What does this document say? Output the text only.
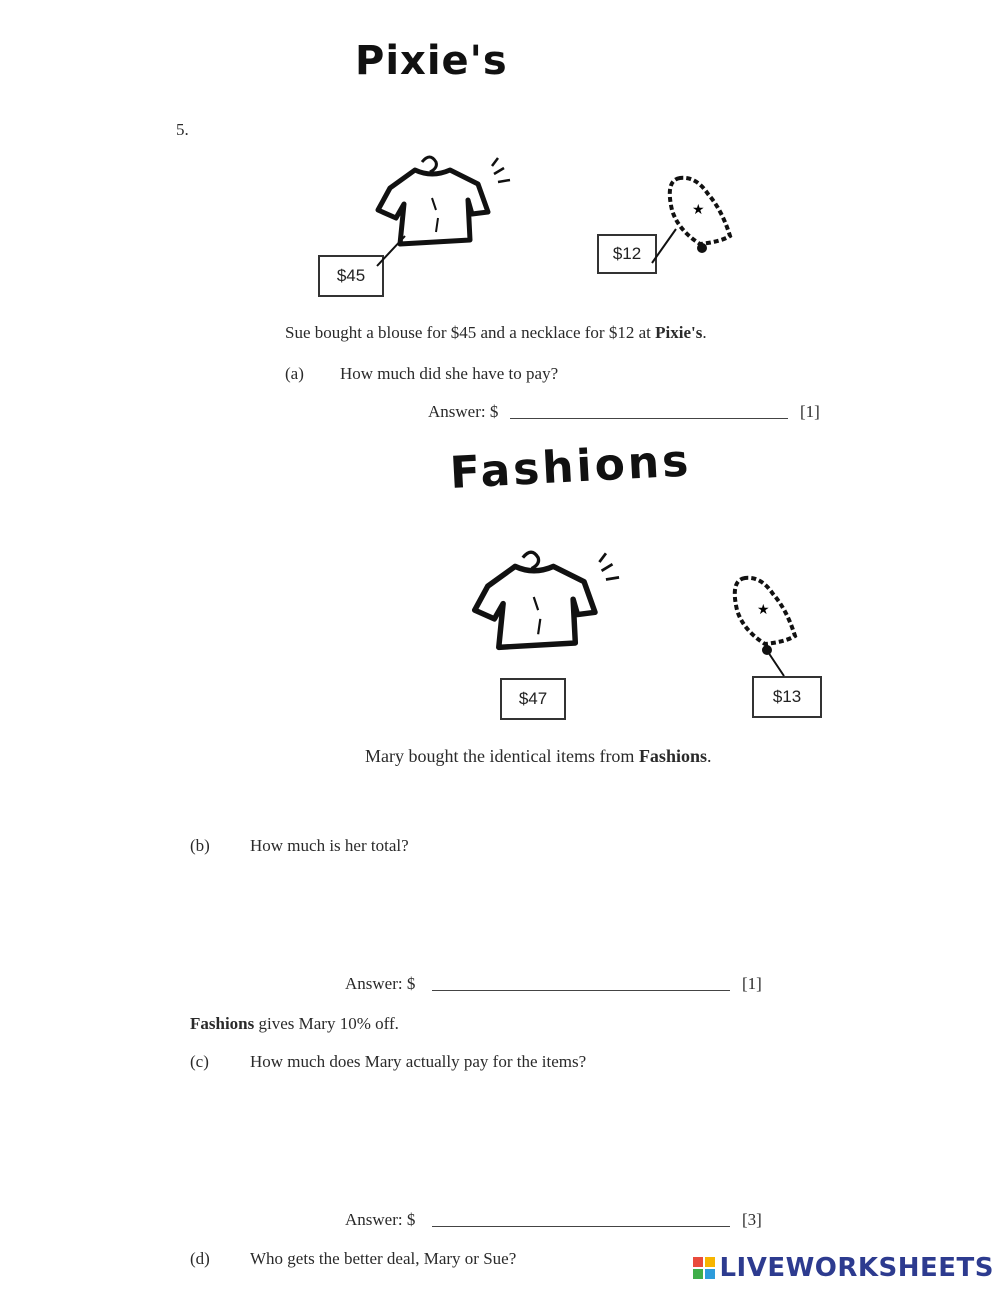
Pixie's
5.
$45
★
$12
Sue bought a blouse for $45 and a necklace for $12 at Pixie's.
(a)	How much did she have to pay?
Answer: $	[1]
Fashions
$47
★
$13
Mary bought the identical items from Fashions.
(b)	How much is her total?
Answer: $	[1]
Fashions gives Mary 10% off.
(c)	How much does Mary actually pay for the items?
Answer: $	[3]
(d)	Who gets the better deal, Mary or Sue?	LIVEWORKSHEETS
